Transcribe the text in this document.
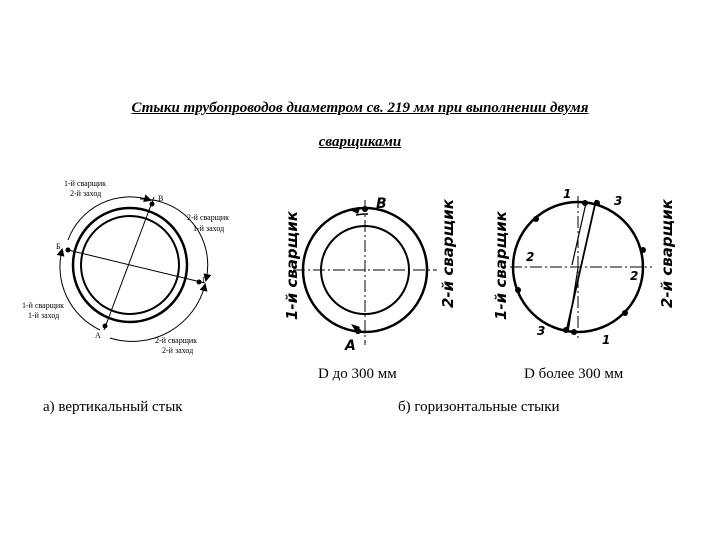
Стыки трубопроводов диаметром св. 219 мм при выполнении двумя
сварщиками
1-й сварщик
2-й заход
2-й сварщик
1-й заход
1-й сварщик
1-й заход
2-й сварщик
2-й заход
В
Б
Г
А
В
А
1-й сварщик	2-й сварщик
1	3
2
2
3
1
1-й сварщик	2-й сварщик
D до 300 мм	D более 300 мм
а) вертикальный стык	б) горизонтальные стыки
